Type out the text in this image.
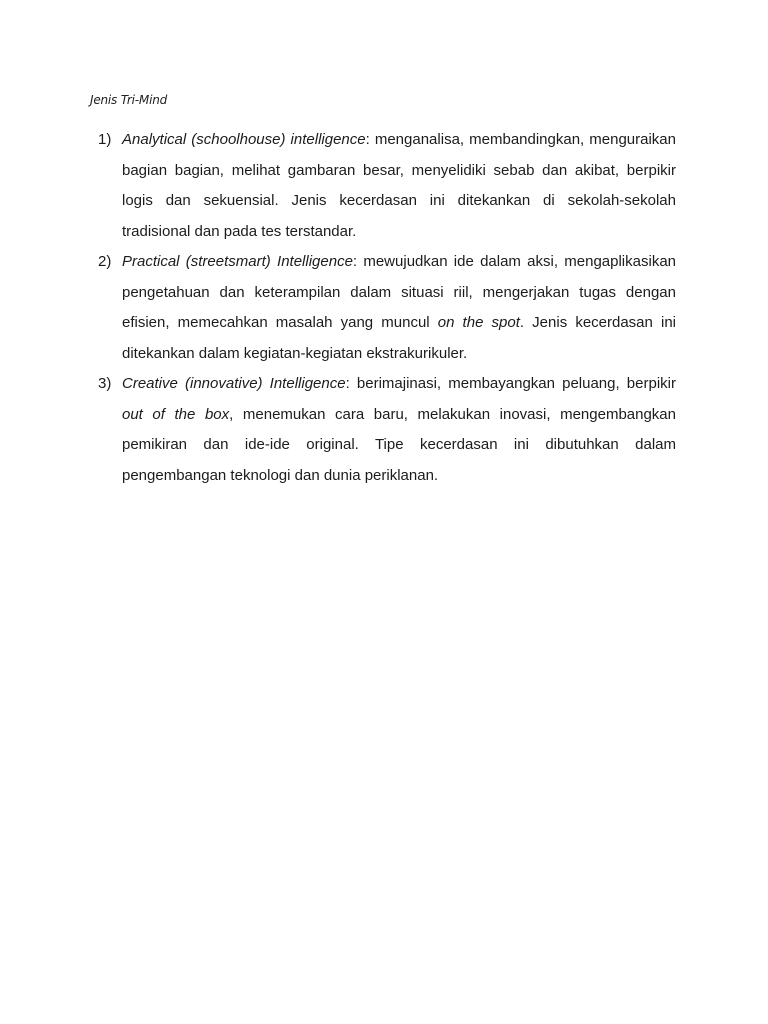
Jenis Tri-Mind
1) Analytical (schoolhouse) intelligence: menganalisa, membandingkan, menguraikan bagian bagian, melihat gambaran besar, menyelidiki sebab dan akibat, berpikir logis dan sekuensial. Jenis kecerdasan ini ditekankan di sekolah-sekolah tradisional dan pada tes terstandar.
2) Practical (streetsmart) Intelligence: mewujudkan ide dalam aksi, mengaplikasikan pengetahuan dan keterampilan dalam situasi riil, mengerjakan tugas dengan efisien, memecahkan masalah yang muncul on the spot. Jenis kecerdasan ini ditekankan dalam kegiatan-kegiatan ekstrakurikuler.
3) Creative (innovative) Intelligence: berimajinasi, membayangkan peluang, berpikir out of the box, menemukan cara baru, melakukan inovasi, mengembangkan pemikiran dan ide-ide original. Tipe kecerdasan ini dibutuhkan dalam pengembangan teknologi dan dunia periklanan.
